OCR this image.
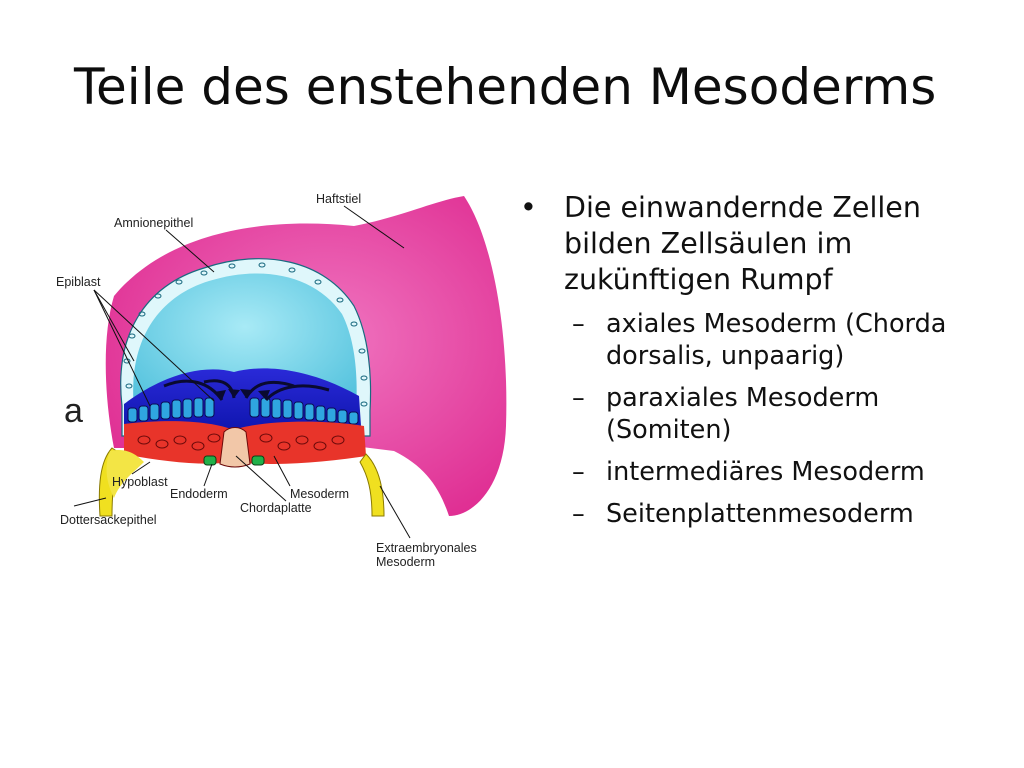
Teile des enstehenden Mesoderms
a
Haftstiel
Amnionepithel
Epiblast
Hypoblast
Endoderm	Mesoderm
Chordaplatte
Dottersackepithel
Extraembryonales
Mesoderm
• Die einwandernde Zellen bilden Zellsäulen im zukünftigen Rumpf
– axiales Mesoderm (Chorda dorsalis, unpaarig)
– paraxiales Mesoderm (Somiten)
– intermediäres Mesoderm
– Seitenplattenmesoderm
